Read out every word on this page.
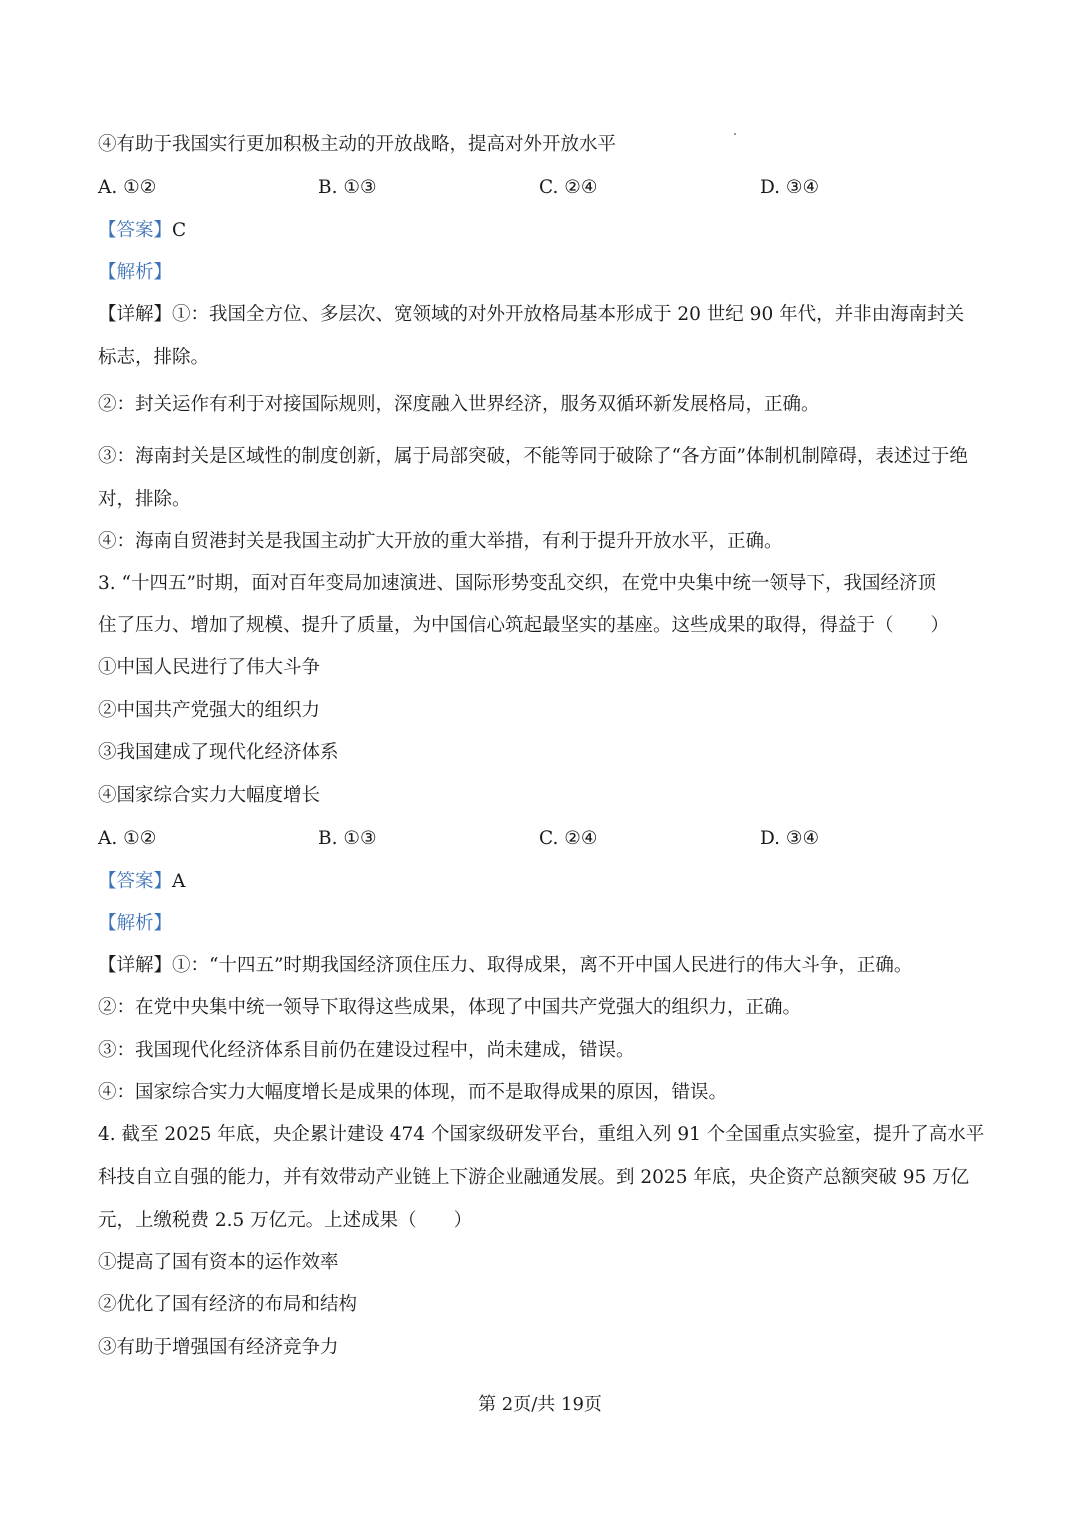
④有助于我国实行更加积极主动的开放战略，提高对外开放水平
A. ①②	B. ①③	C. ②④	D. ③④
【答案】C
【解析】
【详解】①：我国全方位、多层次、宽领域的对外开放格局基本形成于 20 世纪 90 年代，并非由海南封关
标志，排除。
②：封关运作有利于对接国际规则，深度融入世界经济，服务双循环新发展格局，正确。
③：海南封关是区域性的制度创新，属于局部突破，不能等同于破除了“各方面”体制机制障碍，表述过于绝
对，排除。
④：海南自贸港封关是我国主动扩大开放的重大举措，有利于提升开放水平，正确。
3. “十四五”时期，面对百年变局加速演进、国际形势变乱交织，在党中央集中统一领导下，我国经济顶
住了压力、增加了规模、提升了质量，为中国信心筑起最坚实的基座。这些成果的取得，得益于（　　）
①中国人民进行了伟大斗争
②中国共产党强大的组织力
③我国建成了现代化经济体系
④国家综合实力大幅度增长
A. ①②	B. ①③	C. ②④	D. ③④
【答案】A
【解析】
【详解】①：“十四五”时期我国经济顶住压力、取得成果，离不开中国人民进行的伟大斗争，正确。
②：在党中央集中统一领导下取得这些成果，体现了中国共产党强大的组织力，正确。
③：我国现代化经济体系目前仍在建设过程中，尚未建成，错误。
④：国家综合实力大幅度增长是成果的体现，而不是取得成果的原因，错误。
4. 截至 2025 年底，央企累计建设 474 个国家级研发平台，重组入列 91 个全国重点实验室，提升了高水平
科技自立自强的能力，并有效带动产业链上下游企业融通发展。到 2025 年底，央企资产总额突破 95 万亿
元，上缴税费 2.5 万亿元。上述成果（　　）
①提高了国有资本的运作效率
②优化了国有经济的布局和结构
③有助于增强国有经济竞争力
第 2页/共 19页
